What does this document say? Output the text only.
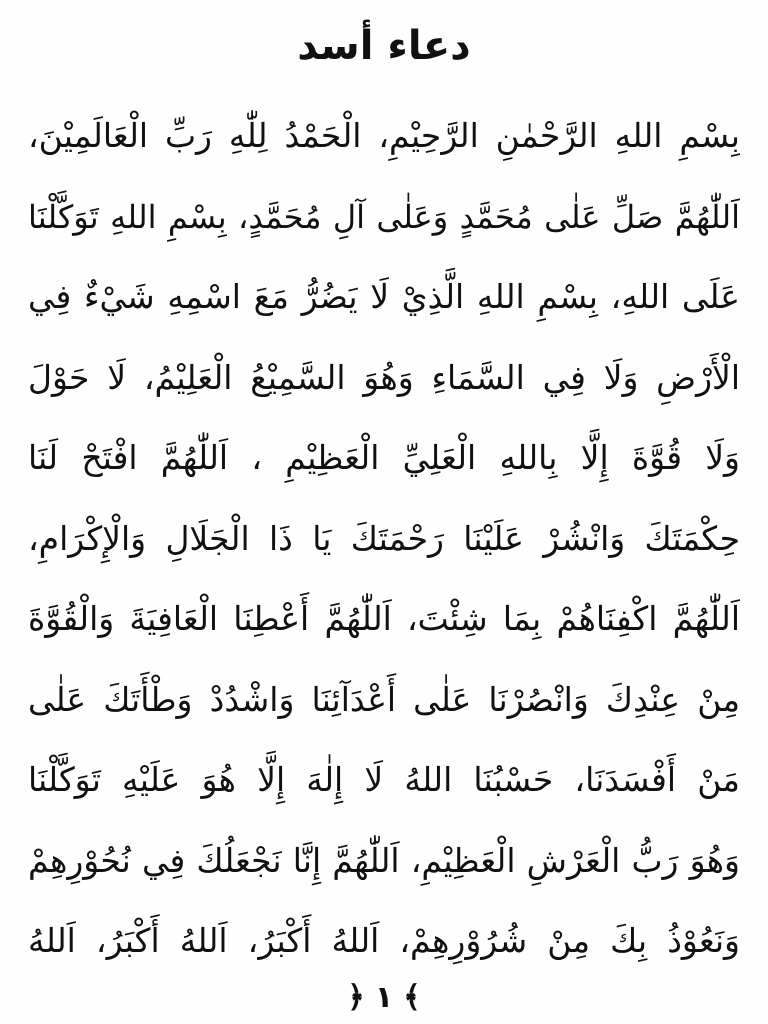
دعاء أسد
بِسْمِ اللهِ الرَّحْمٰنِ الرَّحِيْمِ، الْحَمْدُ لِلّٰهِ رَبِّ الْعَالَمِيْنَ،
اَللّٰهُمَّ صَلِّ عَلٰى مُحَمَّدٍ وَعَلٰى آلِ مُحَمَّدٍ، بِسْمِ اللهِ تَوَكَّلْنَا
عَلَى اللهِ، بِسْمِ اللهِ الَّذِيْ لَا يَضُرُّ مَعَ اسْمِهِ شَيْءٌ فِي
الْأَرْضِ وَلَا فِي السَّمَاءِ وَهُوَ السَّمِيْعُ الْعَلِيْمُ، لَا حَوْلَ
وَلَا قُوَّةَ إِلَّا بِاللهِ الْعَلِيِّ الْعَظِيْمِ ، اَللّٰهُمَّ افْتَحْ لَنَا
حِكْمَتَكَ وَانْشُرْ عَلَيْنَا رَحْمَتَكَ يَا ذَا الْجَلَالِ وَالْإِكْرَامِ،
اَللّٰهُمَّ اكْفِنَاهُمْ بِمَا شِئْتَ، اَللّٰهُمَّ أَعْطِنَا الْعَافِيَةَ وَالْقُوَّةَ
مِنْ عِنْدِكَ وَانْصُرْنَا عَلٰى أَعْدَآئِنَا وَاشْدُدْ وَطْأَتَكَ عَلٰى
مَنْ أَفْسَدَنَا، حَسْبُنَا اللهُ لَا إِلٰهَ إِلَّا هُوَ عَلَيْهِ تَوَكَّلْنَا
وَهُوَ رَبُّ الْعَرْشِ الْعَظِيْمِ، اَللّٰهُمَّ إِنَّا نَجْعَلُكَ فِي نُحُوْرِهِمْ
وَنَعُوْذُ بِكَ مِنْ شُرُوْرِهِمْ، اَللهُ أَكْبَرُ، اَللهُ أَكْبَرُ، اَللهُ
﴾
١
﴿
